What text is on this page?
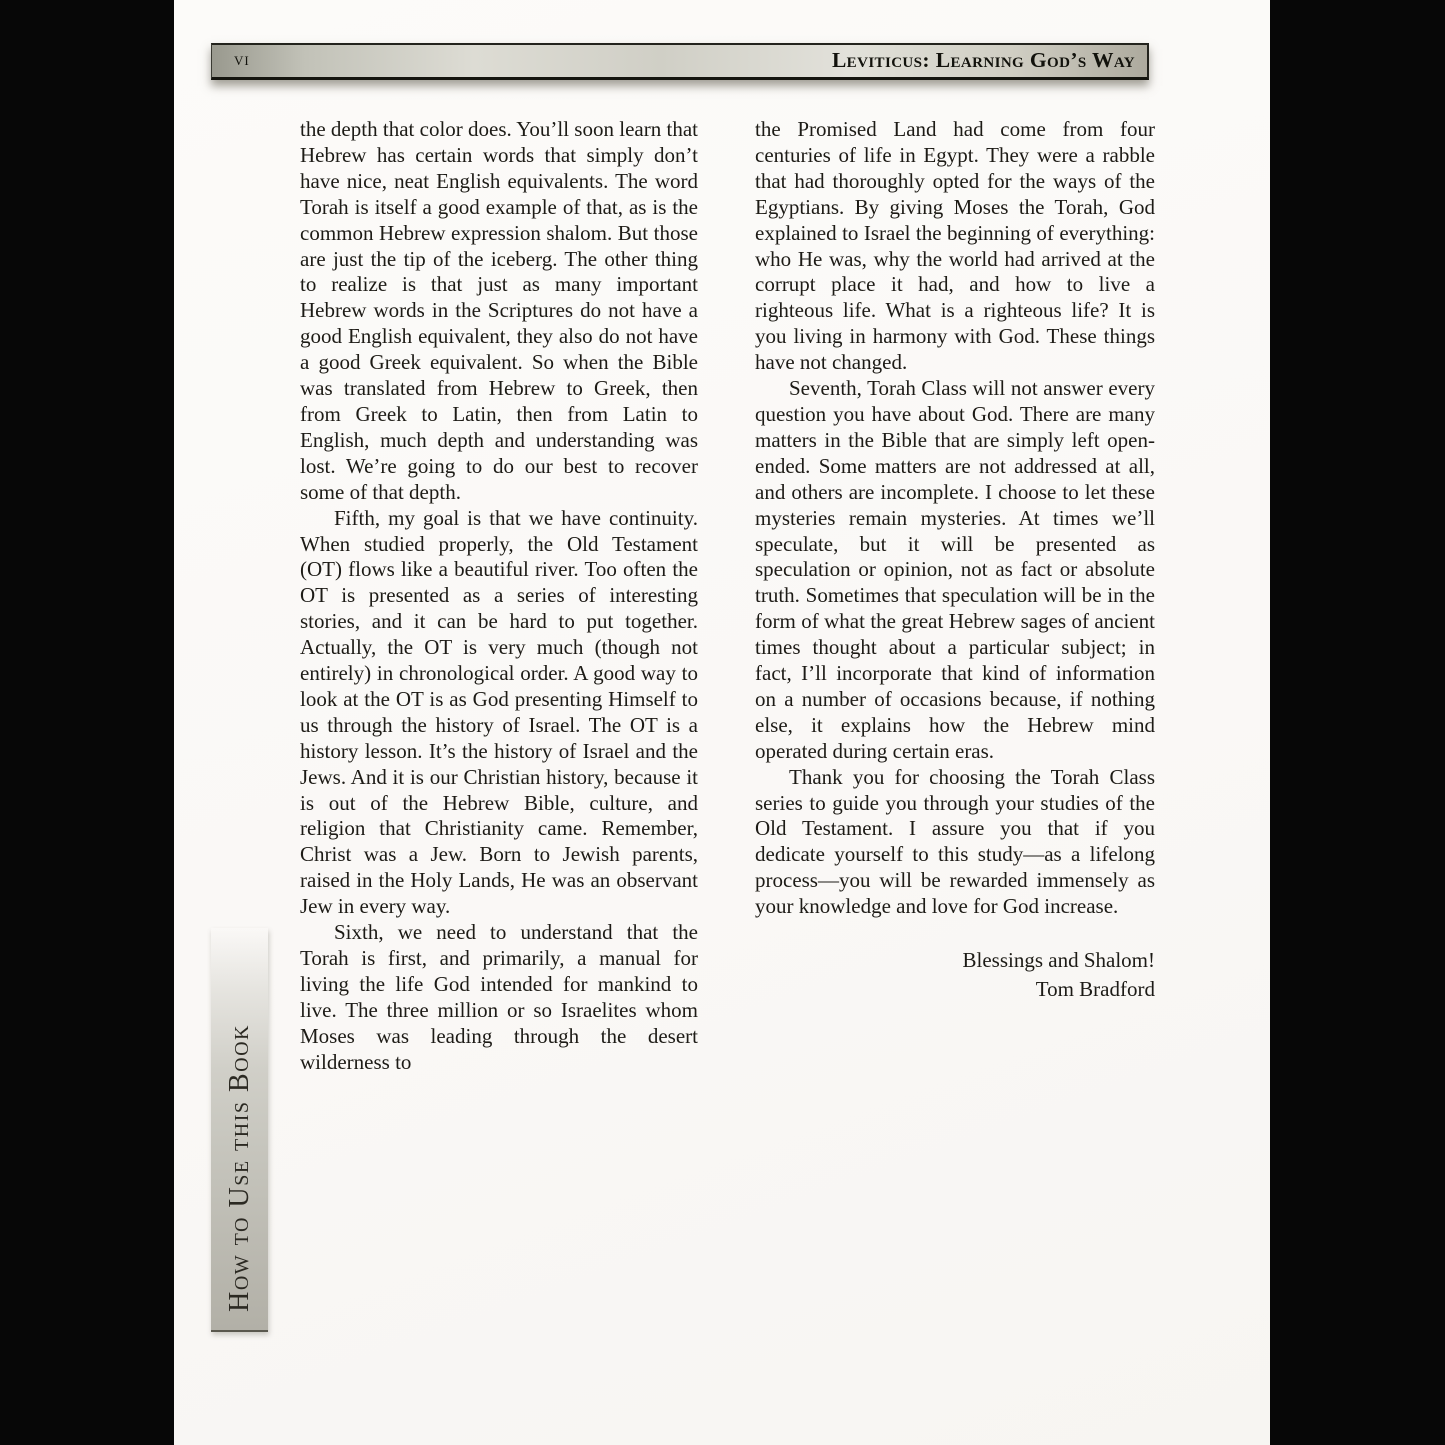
vi	Leviticus: Learning God’s Way

the depth that color does. You’ll soon learn that Hebrew has certain words that simply don’t have nice, neat English equivalents. The word Torah is itself a good example of that, as is the common Hebrew expression shalom. But those are just the tip of the iceberg. The other thing to realize is that just as many important Hebrew words in the Scriptures do not have a good English equivalent, they also do not have a good Greek equivalent. So when the Bible was translated from Hebrew to Greek, then from Greek to Latin, then from Latin to English, much depth and understanding was lost. We’re going to do our best to recover some of that depth.

Fifth, my goal is that we have continuity. When studied properly, the Old Testament (OT) flows like a beautiful river. Too often the OT is presented as a series of interesting stories, and it can be hard to put together. Actually, the OT is very much (though not entirely) in chronological order. A good way to look at the OT is as God presenting Himself to us through the history of Israel. The OT is a history lesson. It’s the history of Israel and the Jews. And it is our Christian history, because it is out of the Hebrew Bible, culture, and religion that Christianity came. Remember, Christ was a Jew. Born to Jewish parents, raised in the Holy Lands, He was an observant Jew in every way.

Sixth, we need to understand that the Torah is first, and primarily, a manual for living the life God intended for mankind to live. The three million or so Israelites whom Moses was leading through the desert wilderness to

the Promised Land had come from four centuries of life in Egypt. They were a rabble that had thoroughly opted for the ways of the Egyptians. By giving Moses the Torah, God explained to Israel the beginning of everything: who He was, why the world had arrived at the corrupt place it had, and how to live a righteous life. What is a righteous life? It is you living in harmony with God. These things have not changed.

Seventh, Torah Class will not answer every question you have about God. There are many matters in the Bible that are simply left open-ended. Some matters are not addressed at all, and others are incomplete. I choose to let these mysteries remain mysteries. At times we’ll speculate, but it will be presented as speculation or opinion, not as fact or absolute truth. Sometimes that speculation will be in the form of what the great Hebrew sages of ancient times thought about a particular subject; in fact, I’ll incorporate that kind of information on a number of occasions because, if nothing else, it explains how the Hebrew mind operated during certain eras.

Thank you for choosing the Torah Class series to guide you through your studies of the Old Testament. I assure you that if you dedicate yourself to this study—as a lifelong process—you will be rewarded immensely as your knowledge and love for God increase.

Blessings and Shalom!
Tom Bradford
How to Use this Book
